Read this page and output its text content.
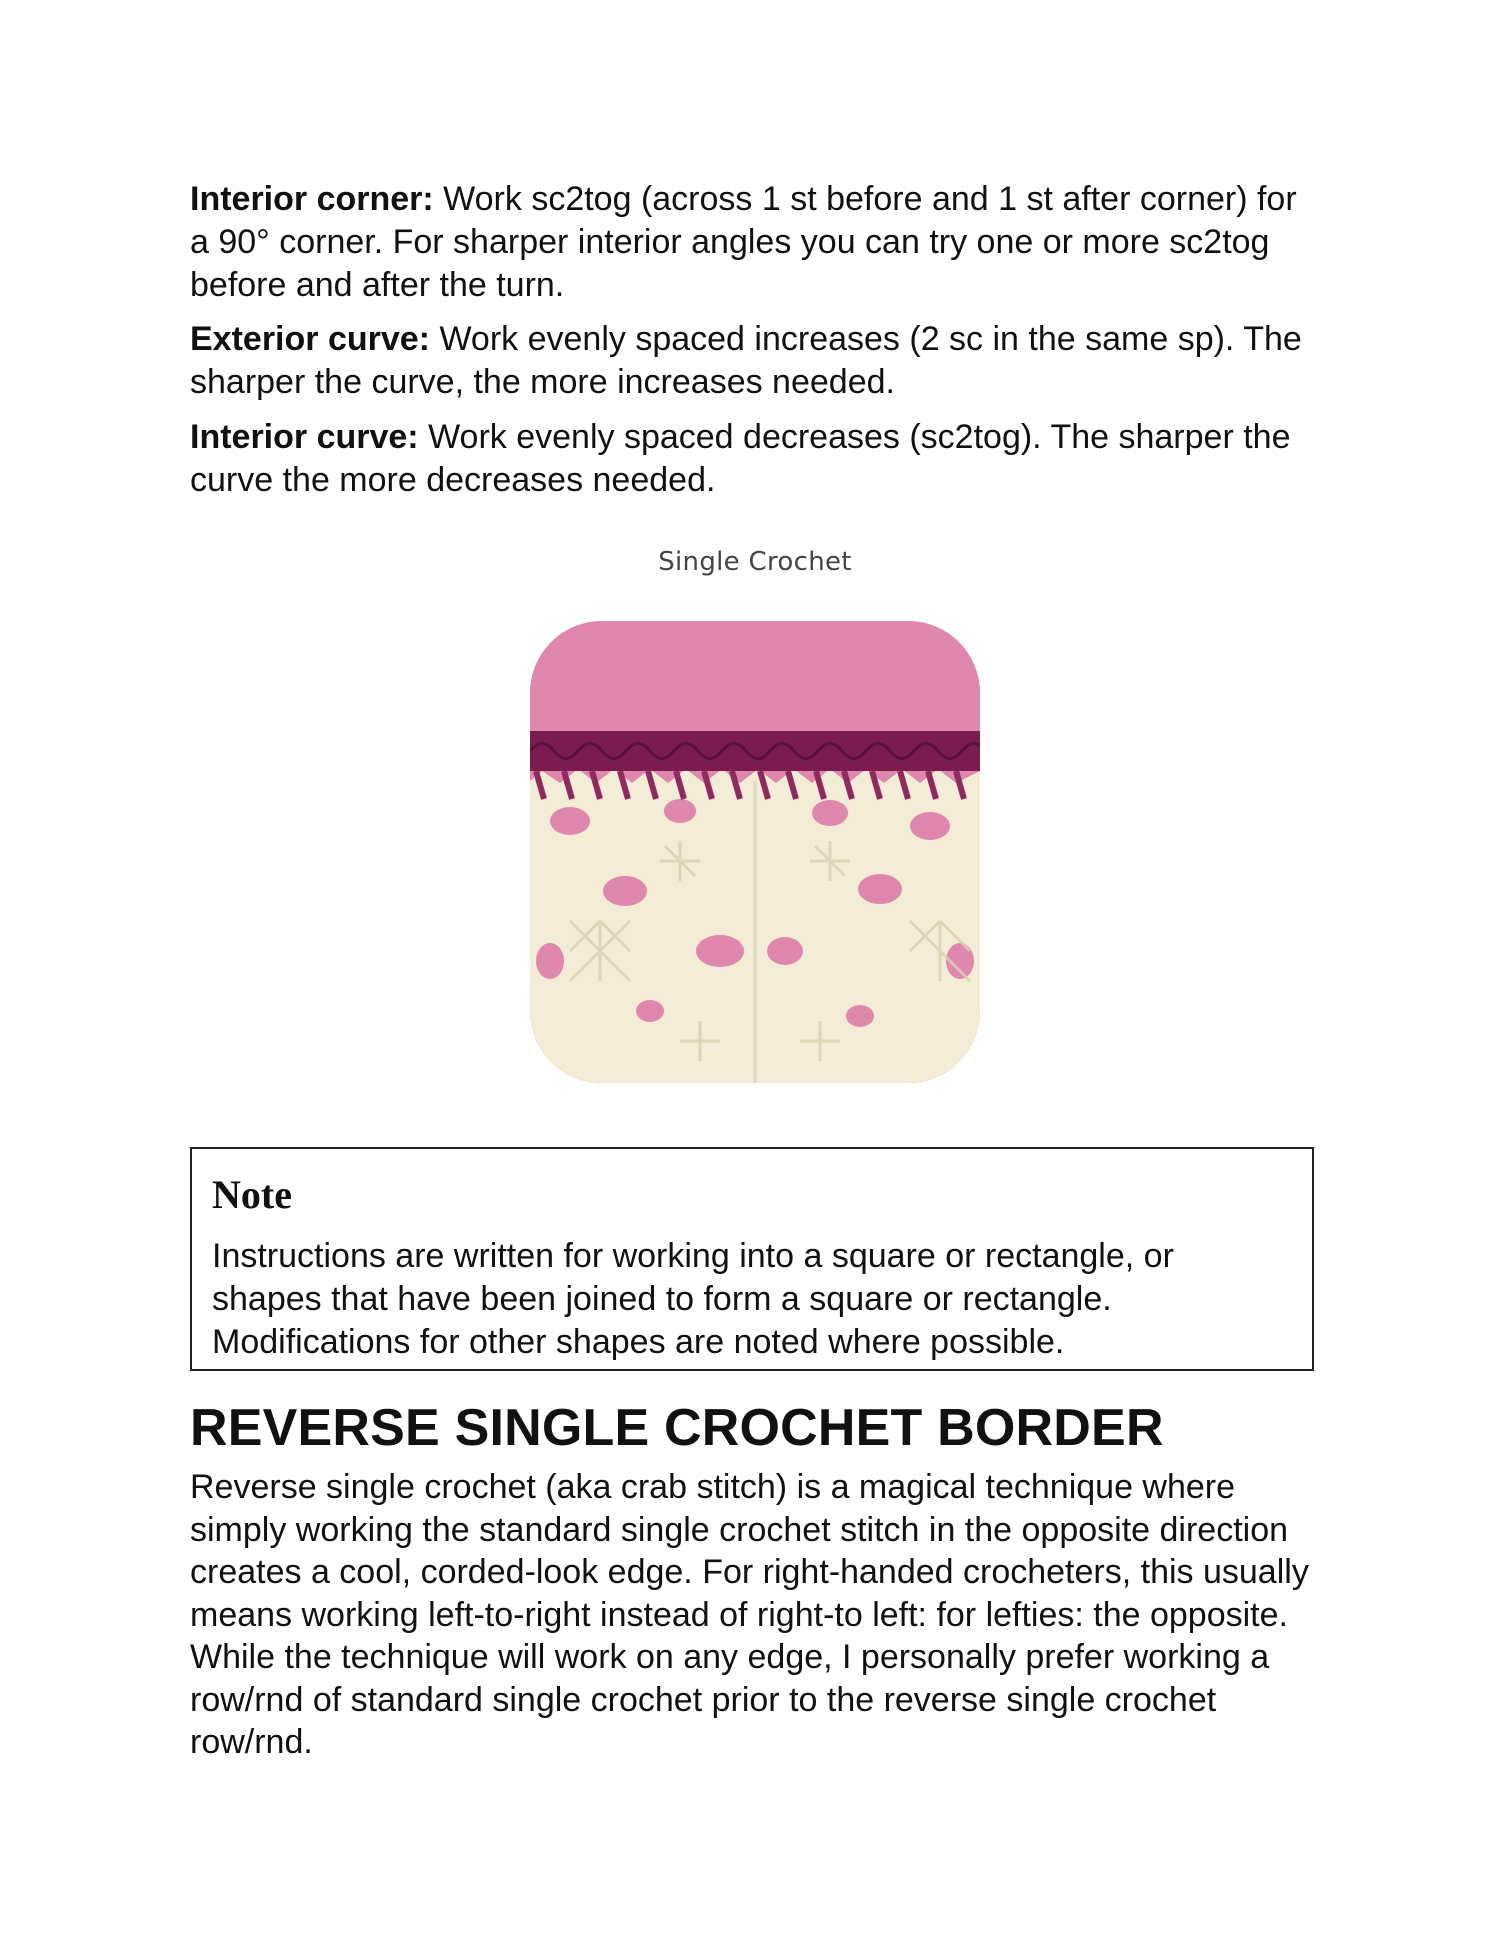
Interior corner: Work sc2tog (across 1 st before and 1 st after corner) for a 90° corner. For sharper interior angles you can try one or more sc2tog before and after the turn.

Exterior curve: Work evenly spaced increases (2 sc in the same sp). The sharper the curve, the more increases needed.

Interior curve: Work evenly spaced decreases (sc2tog). The sharper the curve the more decreases needed.

Single Crochet
Note

Instructions are written for working into a square or rectangle, or shapes that have been joined to form a square or rectangle. Modifications for other shapes are noted where possible.

REVERSE SINGLE CROCHET BORDER

Reverse single crochet (aka crab stitch) is a magical technique where simply working the standard single crochet stitch in the opposite direction creates a cool, corded-look edge. For right-handed crocheters, this usually means working left-to-right instead of right-to left: for lefties: the opposite. While the technique will work on any edge, I personally prefer working a row/rnd of standard single crochet prior to the reverse single crochet row/rnd.
